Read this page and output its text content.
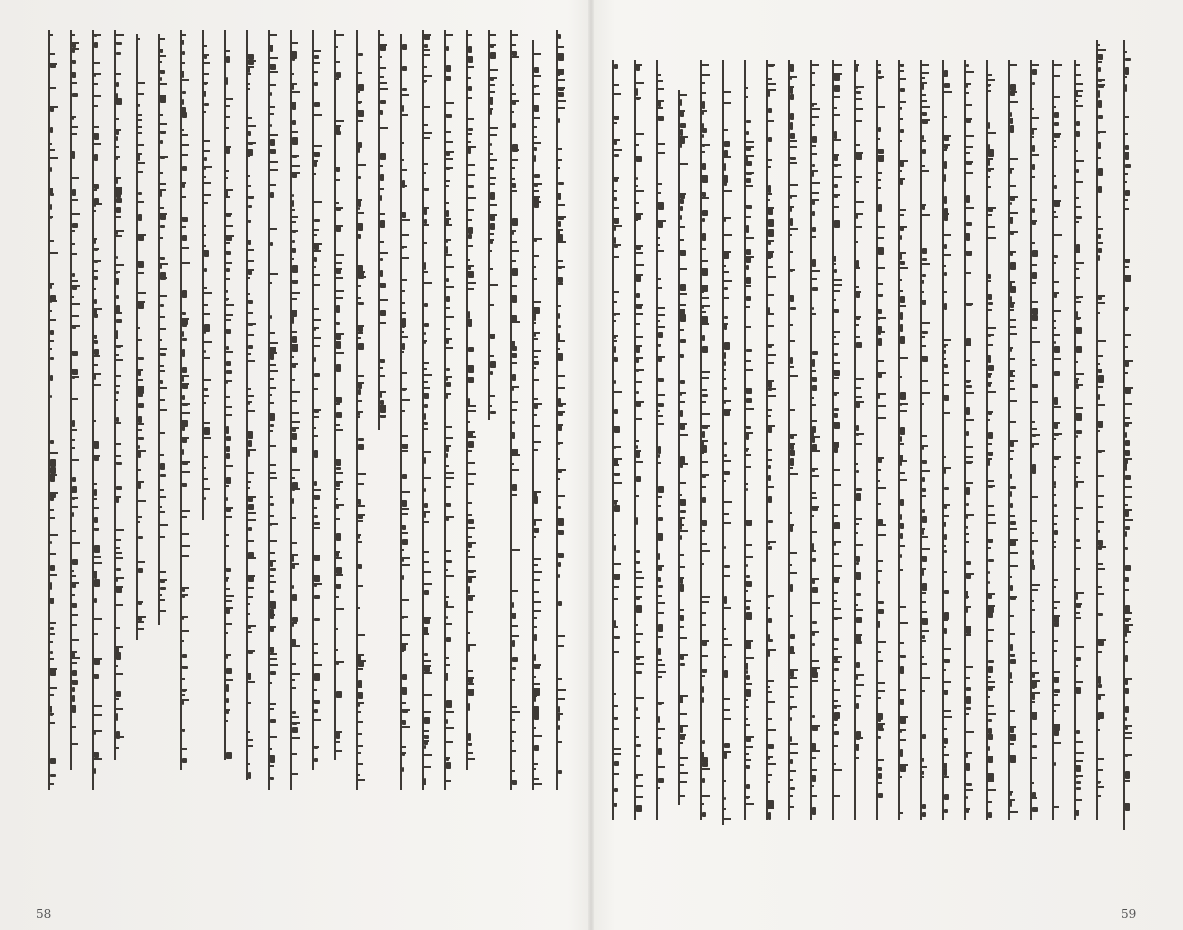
58	59
